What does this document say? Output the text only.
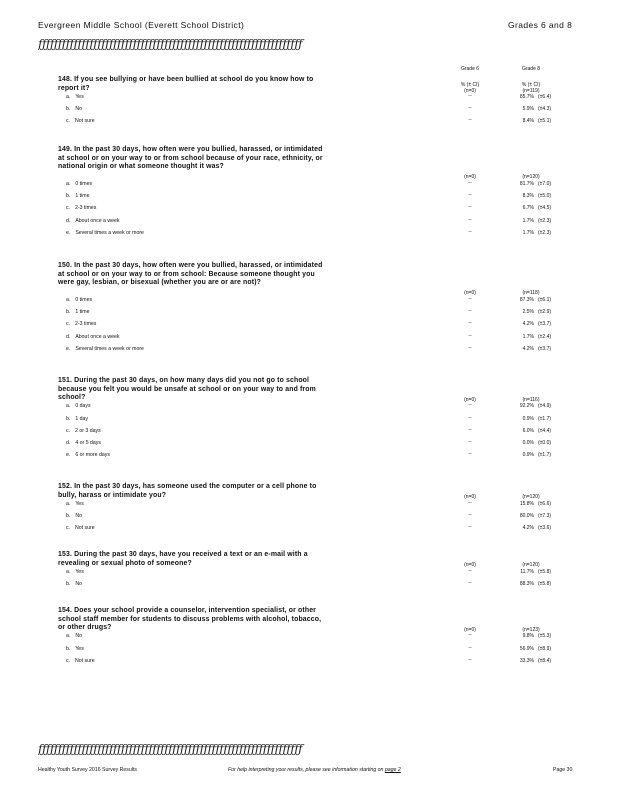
Evergreen Middle School (Everett School District)	Grades 6 and 8
ƒƒƒƒƒƒƒƒƒƒƒƒƒƒƒƒƒƒƒƒƒƒƒƒƒƒƒƒƒƒƒƒƒƒƒƒƒƒƒƒƒƒƒƒƒƒƒƒƒƒƒƒƒƒƒƒƒƒƒƒƒƒƒƒƒƒƒ
Grade 6	Grade 8
% (± CI)	% (± CI)
(n=0)	(n=119)
148. If you see bullying or have been bullied at school do you know how to report it?
a. Yes	--	85.7% (±6.4)
b. No	--	5.9% (±4.3)
c. Not sure	--	8.4% (±5.1)
149. In the past 30 days, how often were you bullied, harassed, or intimidated at school or on your way to or from school because of your race, ethnicity, or national origin or what someone thought it was?
(n=0)	(n=120)
a. 0 times	--	81.7% (±7.0)
b. 1 time	--	8.3% (±5.0)
c. 2-3 times	--	6.7% (±4.5)
d. About once a week	--	1.7% (±2.3)
e. Several times a week or more	--	1.7% (±2.3)
150. In the past 30 days, how often were you bullied, harassed, or intimidated at school or on your way to or from school: Because someone thought you were gay, lesbian, or bisexual (whether you are or are not)?
(n=0)	(n=118)
a. 0 times	--	87.3% (±6.1)
b. 1 time	--	2.5% (±2.9)
c. 2-3 times	--	4.2% (±3.7)
d. About once a week	--	1.7% (±2.4)
e. Several times a week or more	--	4.2% (±3.7)
151. During the past 30 days, on how many days did you not go to school because you felt you would be unsafe at school or on your way to and from school?	(n=0)	(n=116)
a. 0 days	--	92.2% (±4.9)
b. 1 day	--	0.9% (±1.7)
c. 2 or 3 days	--	6.0% (±4.4)
d. 4 or 5 days	--	0.0% (±0.0)
e. 6 or more days	--	0.9% (±1.7)
152. In the past 30 days, has someone used the computer or a cell phone to bully, harass or intimidate you?	(n=0)	(n=120)
a. Yes	--	15.8% (±6.6)
b. No	--	80.0% (±7.3)
c. Not sure	--	4.2% (±3.6)
153. During the past 30 days, have you received a text or an e-mail with a revealing or sexual photo of someone?	(n=0)	(n=120)
a. Yes	--	11.7% (±5.8)
b. No	--	88.3% (±5.8)
154. Does your school provide a counselor, intervention specialist, or other school staff member for students to discuss problems with alcohol, tobacco, or other drugs?	(n=0)	(n=123)
a. No	--	9.8% (±5.3)
b. Yes	--	56.9% (±8.9)
c. Not sure	--	33.3% (±8.4)
ƒƒƒƒƒƒƒƒƒƒƒƒƒƒƒƒƒƒƒƒƒƒƒƒƒƒƒƒƒƒƒƒƒƒƒƒƒƒƒƒƒƒƒƒƒƒƒƒƒƒƒƒƒƒƒƒƒƒƒƒƒƒƒƒƒƒƒ
Healthy Youth Survey 2016 Survey Results	For help interpreting your results, please see information starting on page 2	Page 30
